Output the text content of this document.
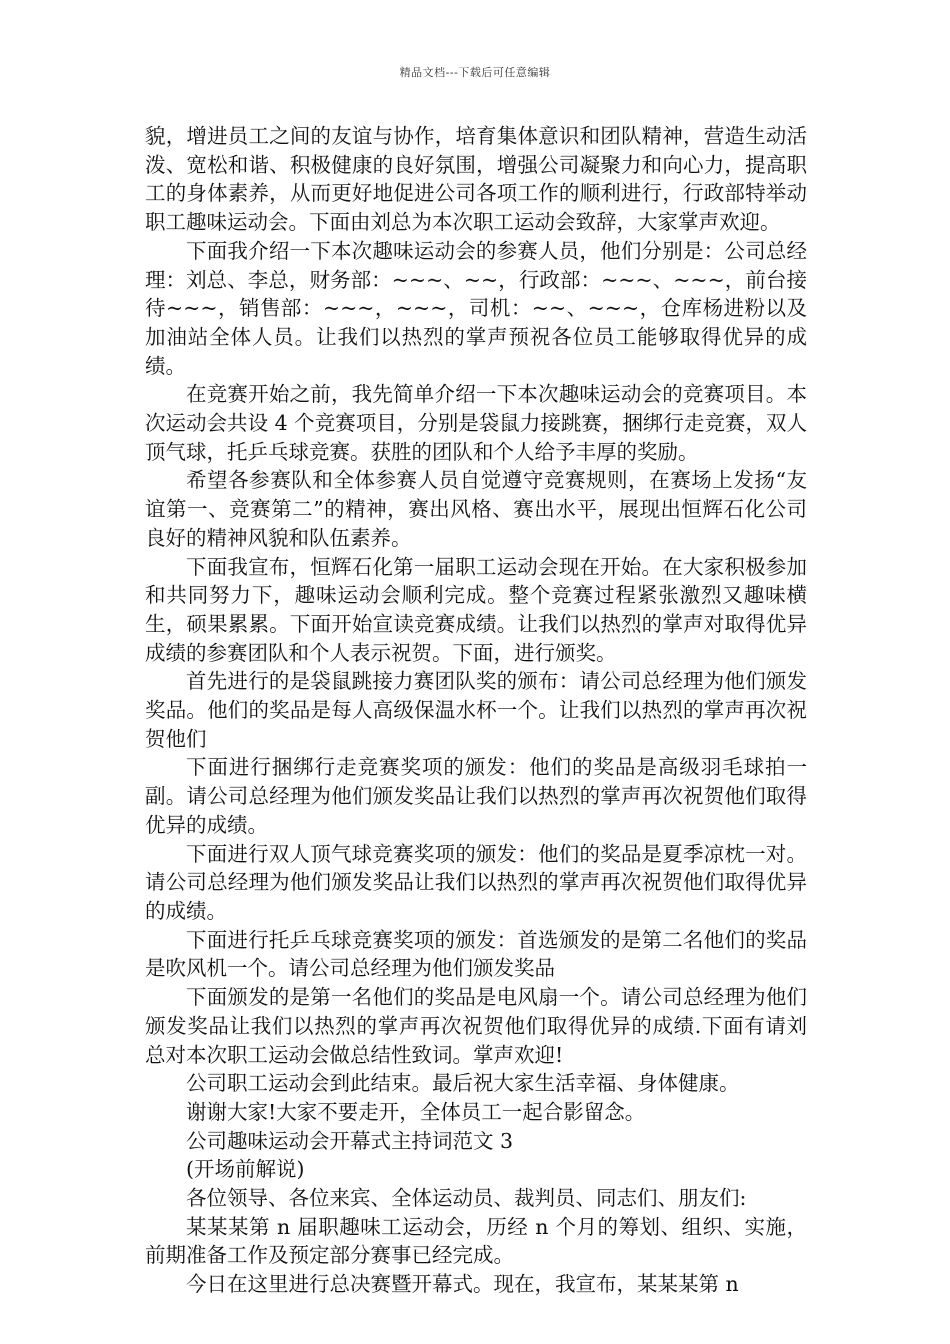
精品文档---下载后可任意编辑

貌，增进员工之间的友谊与协作，培育集体意识和团队精神，营造生动活泼、宽松和谐、积极健康的良好氛围，增强公司凝聚力和向心力，提高职工的身体素养，从而更好地促进公司各项工作的顺利进行，行政部特举动职工趣味运动会。下面由刘总为本次职工运动会致辞，大家掌声欢迎。

下面我介绍一下本次趣味运动会的参赛人员，他们分别是：公司总经理：刘总、李总，财务部：~~~、~~，行政部：~~~、~~~，前台接待~~~，销售部：~~~，~~~，司机：~~、~~~，仓库杨进粉以及加油站全体人员。让我们以热烈的掌声预祝各位员工能够取得优异的成绩。

在竞赛开始之前，我先简单介绍一下本次趣味运动会的竞赛项目。本次运动会共设 4 个竞赛项目，分别是袋鼠力接跳赛，捆绑行走竞赛，双人顶气球，托乒乓球竞赛。获胜的团队和个人给予丰厚的奖励。

希望各参赛队和全体参赛人员自觉遵守竞赛规则，在赛场上发扬“友谊第一、竞赛第二”的精神，赛出风格、赛出水平，展现出恒辉石化公司良好的精神风貌和队伍素养。

下面我宣布，恒辉石化第一届职工运动会现在开始。在大家积极参加和共同努力下，趣味运动会顺利完成。整个竞赛过程紧张激烈又趣味横生，硕果累累。下面开始宣读竞赛成绩。让我们以热烈的掌声对取得优异成绩的参赛团队和个人表示祝贺。下面，进行颁奖。

首先进行的是袋鼠跳接力赛团队奖的颁布：请公司总经理为他们颁发奖品。他们的奖品是每人高级保温水杯一个。让我们以热烈的掌声再次祝贺他们

下面进行捆绑行走竞赛奖项的颁发：他们的奖品是高级羽毛球拍一副。请公司总经理为他们颁发奖品让我们以热烈的掌声再次祝贺他们取得优异的成绩。

下面进行双人顶气球竞赛奖项的颁发：他们的奖品是夏季凉枕一对。请公司总经理为他们颁发奖品让我们以热烈的掌声再次祝贺他们取得优异的成绩。

下面进行托乒乓球竞赛奖项的颁发：首选颁发的是第二名他们的奖品是吹风机一个。请公司总经理为他们颁发奖品

下面颁发的是第一名他们的奖品是电风扇一个。请公司总经理为他们颁发奖品让我们以热烈的掌声再次祝贺他们取得优异的成绩.下面有请刘总对本次职工运动会做总结性致词。掌声欢迎!

公司职工运动会到此结束。最后祝大家生活幸福、身体健康。

谢谢大家!大家不要走开，全体员工一起合影留念。

公司趣味运动会开幕式主持词范文 3

(开场前解说)

各位领导、各位来宾、全体运动员、裁判员、同志们、朋友们:

某某某第 n 届职趣味工运动会，历经 n 个月的筹划、组织、实施，前期准备工作及预定部分赛事已经完成。

今日在这里进行总决赛暨开幕式。现在，我宣布，某某某第 n
